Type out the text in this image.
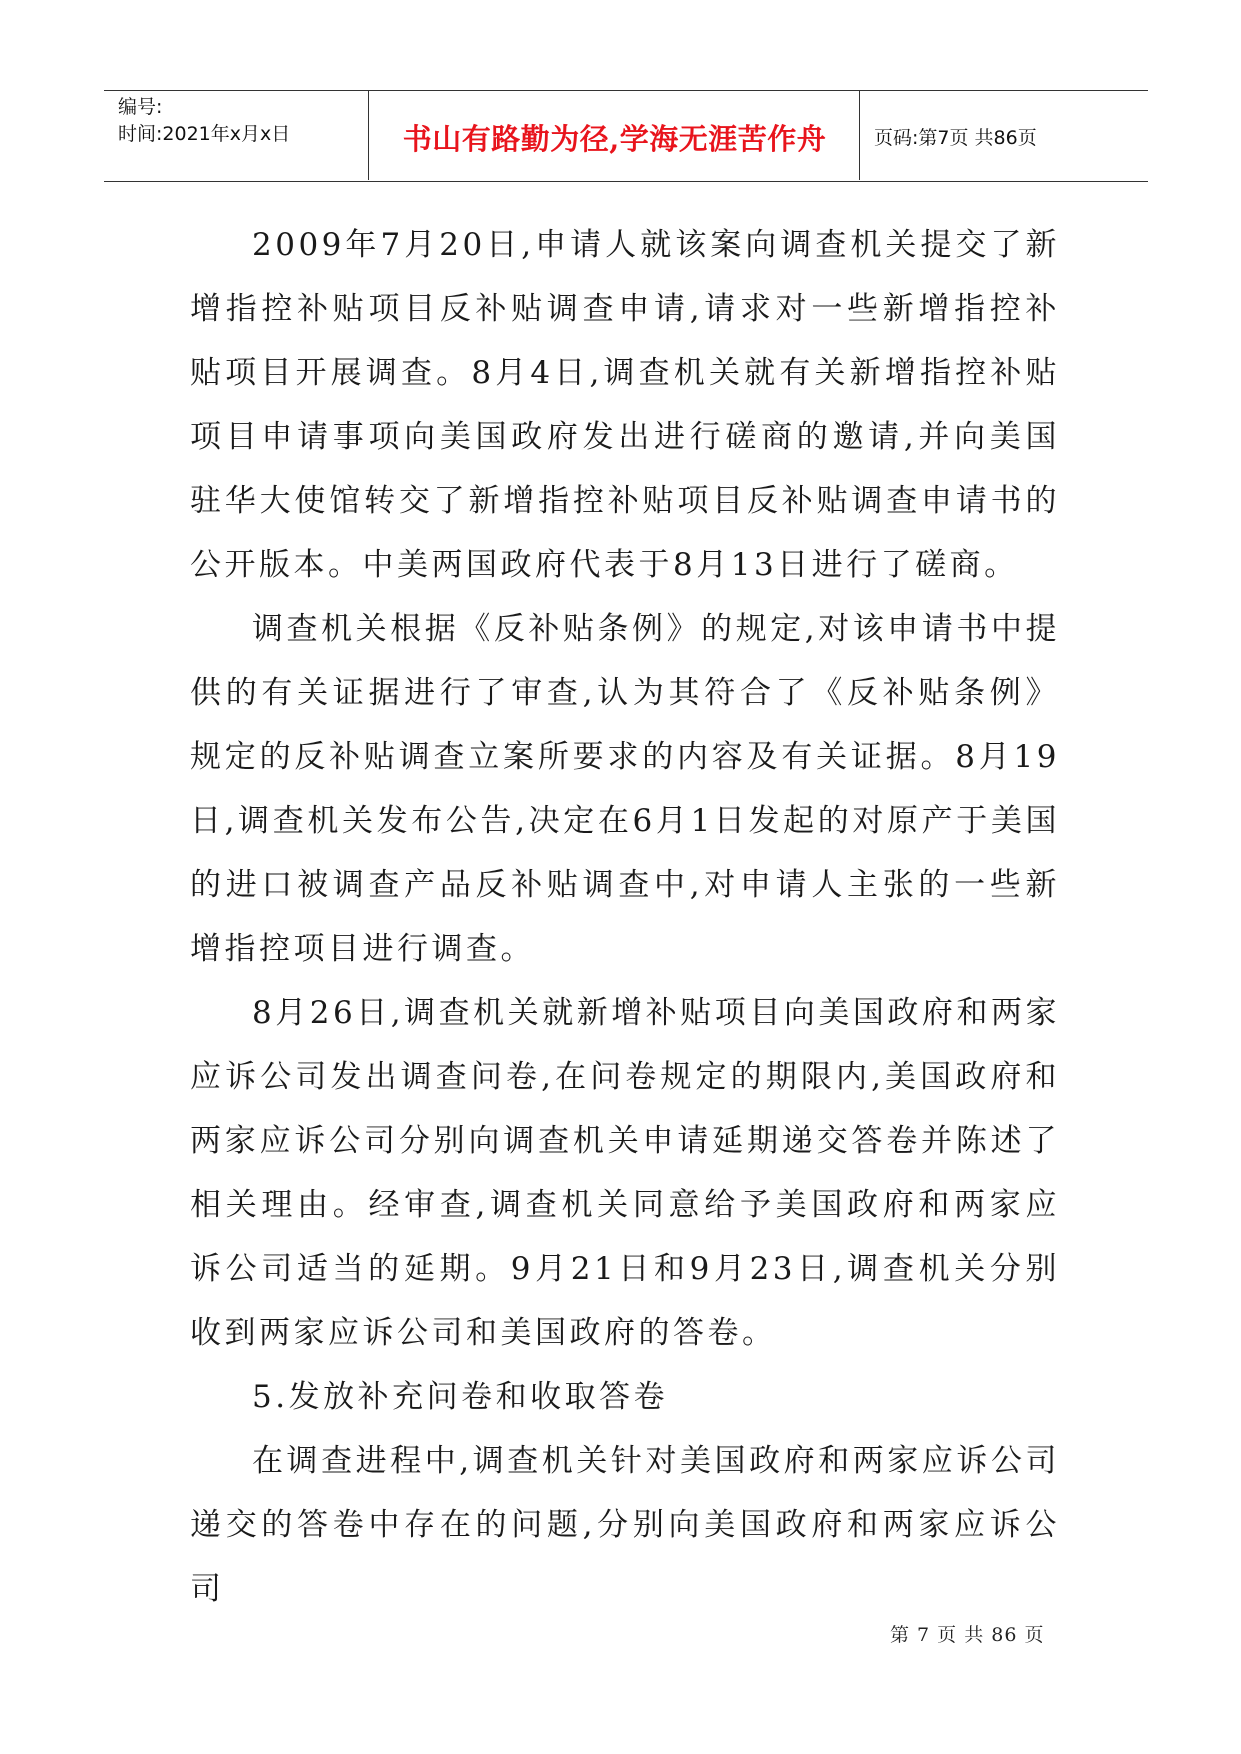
编号:
时间:2021年x月x日	书山有路勤为径,学海无涯苦作舟	页码:第7页 共86页

2009年7月20日,申请人就该案向调查机关提交了新增指控补贴项目反补贴调查申请,请求对一些新增指控补贴项目开展调查。8月4日,调查机关就有关新增指控补贴项目申请事项向美国政府发出进行磋商的邀请,并向美国驻华大使馆转交了新增指控补贴项目反补贴调查申请书的公开版本。中美两国政府代表于8月13日进行了磋商。

调查机关根据《反补贴条例》的规定,对该申请书中提供的有关证据进行了审查,认为其符合了《反补贴条例》规定的反补贴调查立案所要求的内容及有关证据。8月19日,调查机关发布公告,决定在6月1日发起的对原产于美国的进口被调查产品反补贴调查中,对申请人主张的一些新增指控项目进行调查。

8月26日,调查机关就新增补贴项目向美国政府和两家应诉公司发出调查问卷,在问卷规定的期限内,美国政府和两家应诉公司分别向调查机关申请延期递交答卷并陈述了相关理由。经审查,调查机关同意给予美国政府和两家应诉公司适当的延期。9月21日和9月23日,调查机关分别收到两家应诉公司和美国政府的答卷。

5.发放补充问卷和收取答卷

在调查进程中,调查机关针对美国政府和两家应诉公司递交的答卷中存在的问题,分别向美国政府和两家应诉公司

第 7 页 共 86 页
